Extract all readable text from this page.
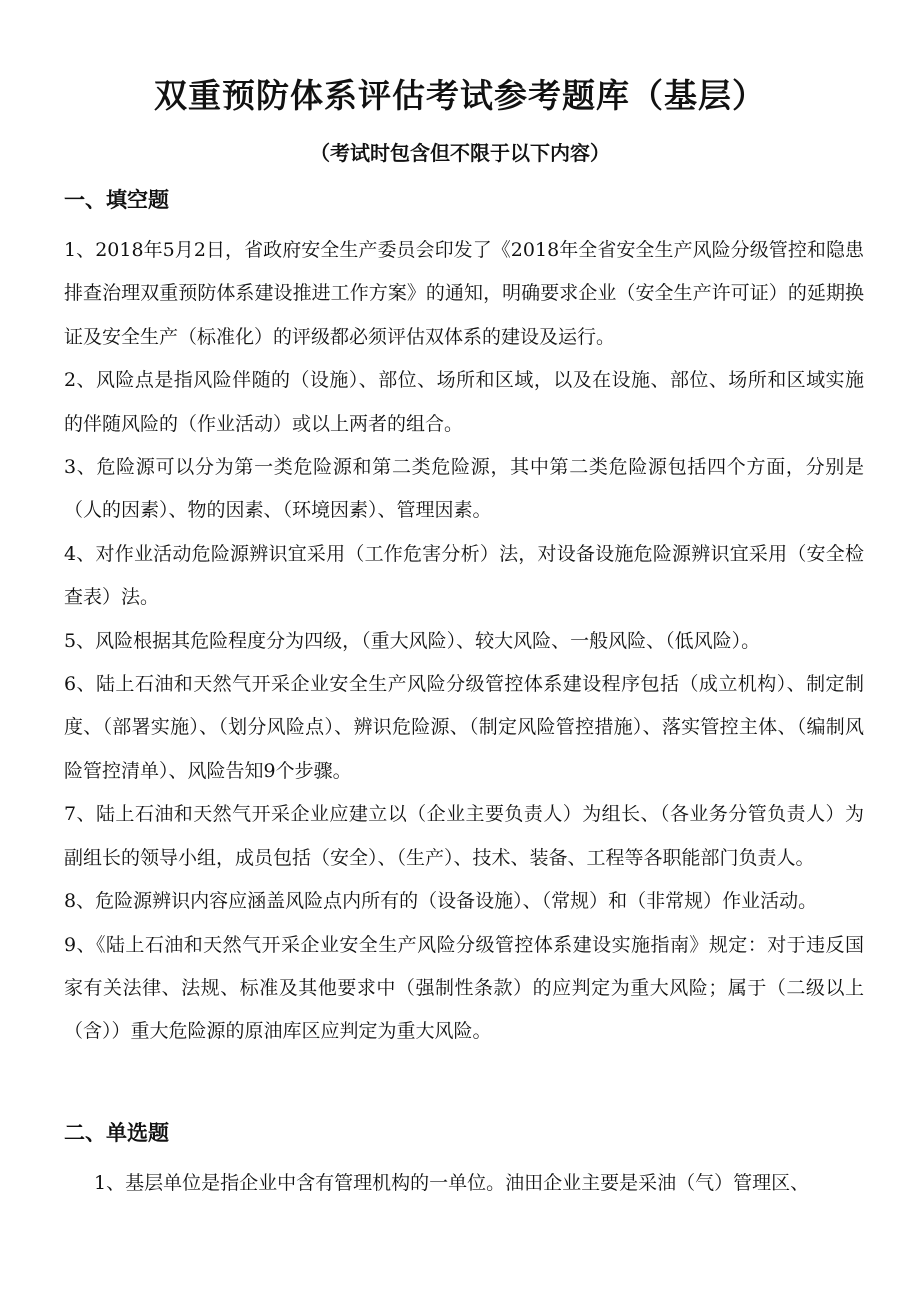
双重预防体系评估考试参考题库（基层）
（考试时包含但不限于以下内容）
一、填空题

1、2018年5月2日，省政府安全生产委员会印发了《2018年全省安全生产风险分级管控和隐患排查治理双重预防体系建设推进工作方案》的通知，明确要求企业（安全生产许可证）的延期换证及安全生产（标准化）的评级都必须评估双体系的建设及运行。

2、风险点是指风险伴随的（设施）、部位、场所和区域，以及在设施、部位、场所和区域实施的伴随风险的（作业活动）或以上两者的组合。

3、危险源可以分为第一类危险源和第二类危险源，其中第二类危险源包括四个方面，分别是（人的因素）、物的因素、（环境因素）、管理因素。

4、对作业活动危险源辨识宜采用（工作危害分析）法，对设备设施危险源辨识宜采用（安全检查表）法。

5、风险根据其危险程度分为四级，（重大风险）、较大风险、一般风险、（低风险）。

6、陆上石油和天然气开采企业安全生产风险分级管控体系建设程序包括（成立机构）、制定制度、（部署实施）、（划分风险点）、辨识危险源、（制定风险管控措施）、落实管控主体、（编制风险管控清单）、风险告知9个步骤。

7、陆上石油和天然气开采企业应建立以（企业主要负责人）为组长、（各业务分管负责人）为副组长的领导小组，成员包括（安全）、（生产）、技术、装备、工程等各职能部门负责人。

8、危险源辨识内容应涵盖风险点内所有的（设备设施）、（常规）和（非常规）作业活动。

9、《陆上石油和天然气开采企业安全生产风险分级管控体系建设实施指南》规定：对于违反国家有关法律、法规、标准及其他要求中（强制性条款）的应判定为重大风险；属于（二级以上（含））重大危险源的原油库区应判定为重大风险。

二、单选题

1、基层单位是指企业中含有管理机构的一单位。油田企业主要是采油（气）管理区、
